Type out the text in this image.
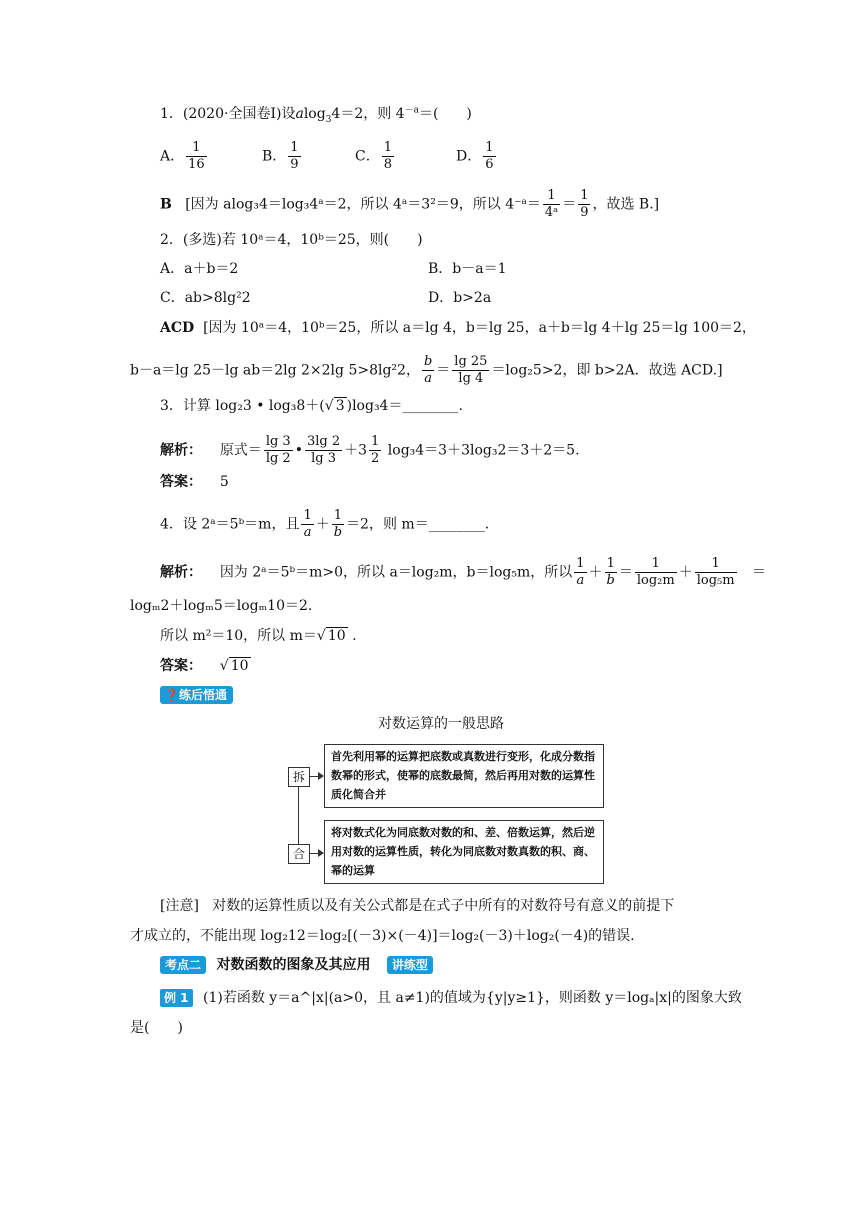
1．(2020·全国卷Ⅰ)设alog$_3$4＝2，则 $4^{-a}=$(　　)
A． $\frac{1}{16}$	B． $\frac{1}{9}$	C． $\frac{1}{8}$	D． $\frac{1}{6}$
B [因为 alog₃4＝log₃4ᵃ＝2，所以 4ᵃ＝3²＝9，所以 4⁻ᵃ＝ $\frac{1}{\text{4ᵃ}} = \frac{1}{9}$ ，故选 B.]
2．(多选)若 10ᵃ＝4，10ᵇ＝25，则(　　)
A．a＋b＝2	B．b－a＝1
C．ab>8lg²2	D．b>2a
ACD [因为 10ᵃ＝4，10ᵇ＝25，所以 a＝lg 4，b＝lg 25，a＋b＝lg 4＋lg 25＝lg 100＝2，
b－a＝lg 25－lg ab＝2lg 2×2lg 5>8lg²2， $\frac{b}{a} = \frac{\lg 25}{\lg 4} =\log_25>2$，即 b>2A．故选 ACD.]
3．计算 log₂3 • log₃8＋(√ 3 )log₃4＝________.
解析： 原式＝ $\frac{\lg 3}{\lg 2}$ • $\frac{3\lg 2}{\lg 3} +3 \frac{1}{2} \log_34=3+3\log_32=3+2=5$.
答案： 5
4．设 2ᵃ＝5ᵇ＝m，且 $\frac{1}{a} + \frac{1}{b} =2$，则 m＝________.
解析： 因为 2ᵃ＝5ᵇ＝m>0，所以 a＝log₂m，b＝log₅m，所以 $\frac{1}{a} + \frac{1}{b} = \frac{1}{\text{log₂m}} + \frac{1}{\text{log₅m}}$ ＝
logₘ2＋logₘ5＝logₘ10＝2.
所以 m²＝10，所以 m＝√ 10 .
答案：    √ 10
❓练后悟通
对数运算的一般思路
拆
首先利用幂的运算把底数或真数进行变形，化成分数指数幂的形式，使幂的底数最简，然后再用对数的运算性质化简合并
合
将对数式化为同底数对数的和、差、倍数运算，然后逆用对数的运算性质，转化为同底数对数真数的积、商、幂的运算
[注意] 对数的运算性质以及有关公式都是在式子中所有的对数符号有意义的前提下
才成立的，不能出现 log₂12＝log₂[(－3)×(－4)]＝log₂(－3)＋log₂(－4)的错误.
考点二 对数函数的图象及其应用 讲练型
例 1 (1)若函数 y＝a^|x|(a>0，且 a≠1)的值域为{y|y≥1}，则函数 y＝logₐ|x|的图象大致
是(　　)
